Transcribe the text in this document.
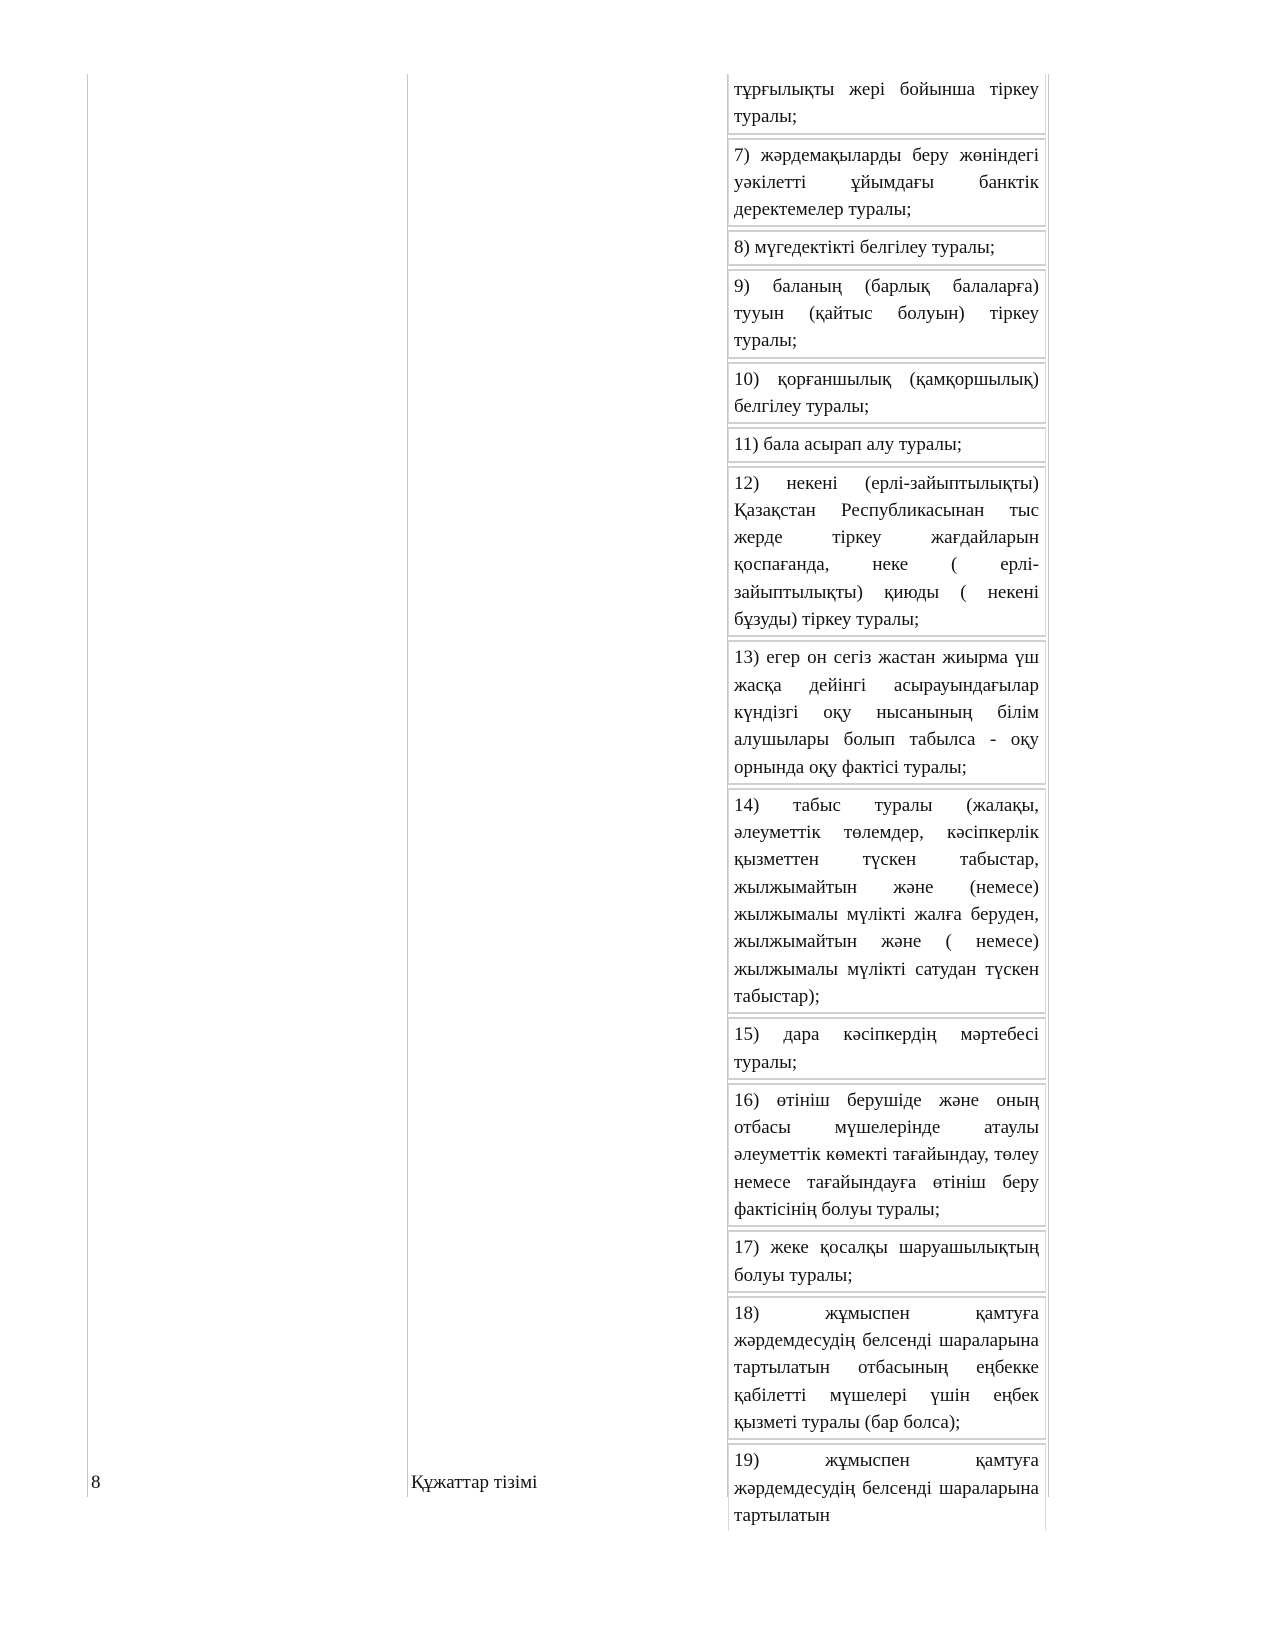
8	Құжаттар тізімі
тұрғылықты жері бойынша тіркеу туралы;
7) жәрдемақыларды беру жөніндегі уәкілетті ұйымдағы банктік деректемелер туралы;
8) мүгедектікті белгілеу туралы;
9) баланың (барлық балаларға) тууын (қайтыс болуын) тіркеу туралы;
10) қорғаншылық (қамқоршылық) белгілеу туралы;
11) бала асырап алу туралы;
12) некені (ерлі-зайыптылықты) Қазақстан Республикасынан тыс жерде тіркеу жағдайларын қоспағанда, неке ( ерлі-зайыптылықты) қиюды ( некені бұзуды) тіркеу туралы;
13) егер он сегіз жастан жиырма үш жасқа дейінгі асырауындағылар күндізгі оқу нысанының білім алушылары болып табылса - оқу орнында оқу фактісі туралы;
14) табыс туралы (жалақы, әлеуметтік төлемдер, кәсіпкерлік қызметтен түскен табыстар, жылжымайтын және (немесе) жылжымалы мүлікті жалға беруден, жылжымайтын және ( немесе) жылжымалы мүлікті сатудан түскен табыстар);
15) дара кәсіпкердің мәртебесі туралы;
16) өтініш берушіде және оның отбасы мүшелерінде атаулы әлеуметтік көмекті тағайындау, төлеу немесе тағайындауға өтініш беру фактісінің болуы туралы;
17) жеке қосалқы шаруашылықтың болуы туралы;
18) жұмыспен қамтуға жәрдемдесудің белсенді шараларына тартылатын отбасының еңбекке қабілетті мүшелері үшін еңбек қызметі туралы (бар болса);
19) жұмыспен қамтуға жәрдемдесудің белсенді шараларына тартылатын
